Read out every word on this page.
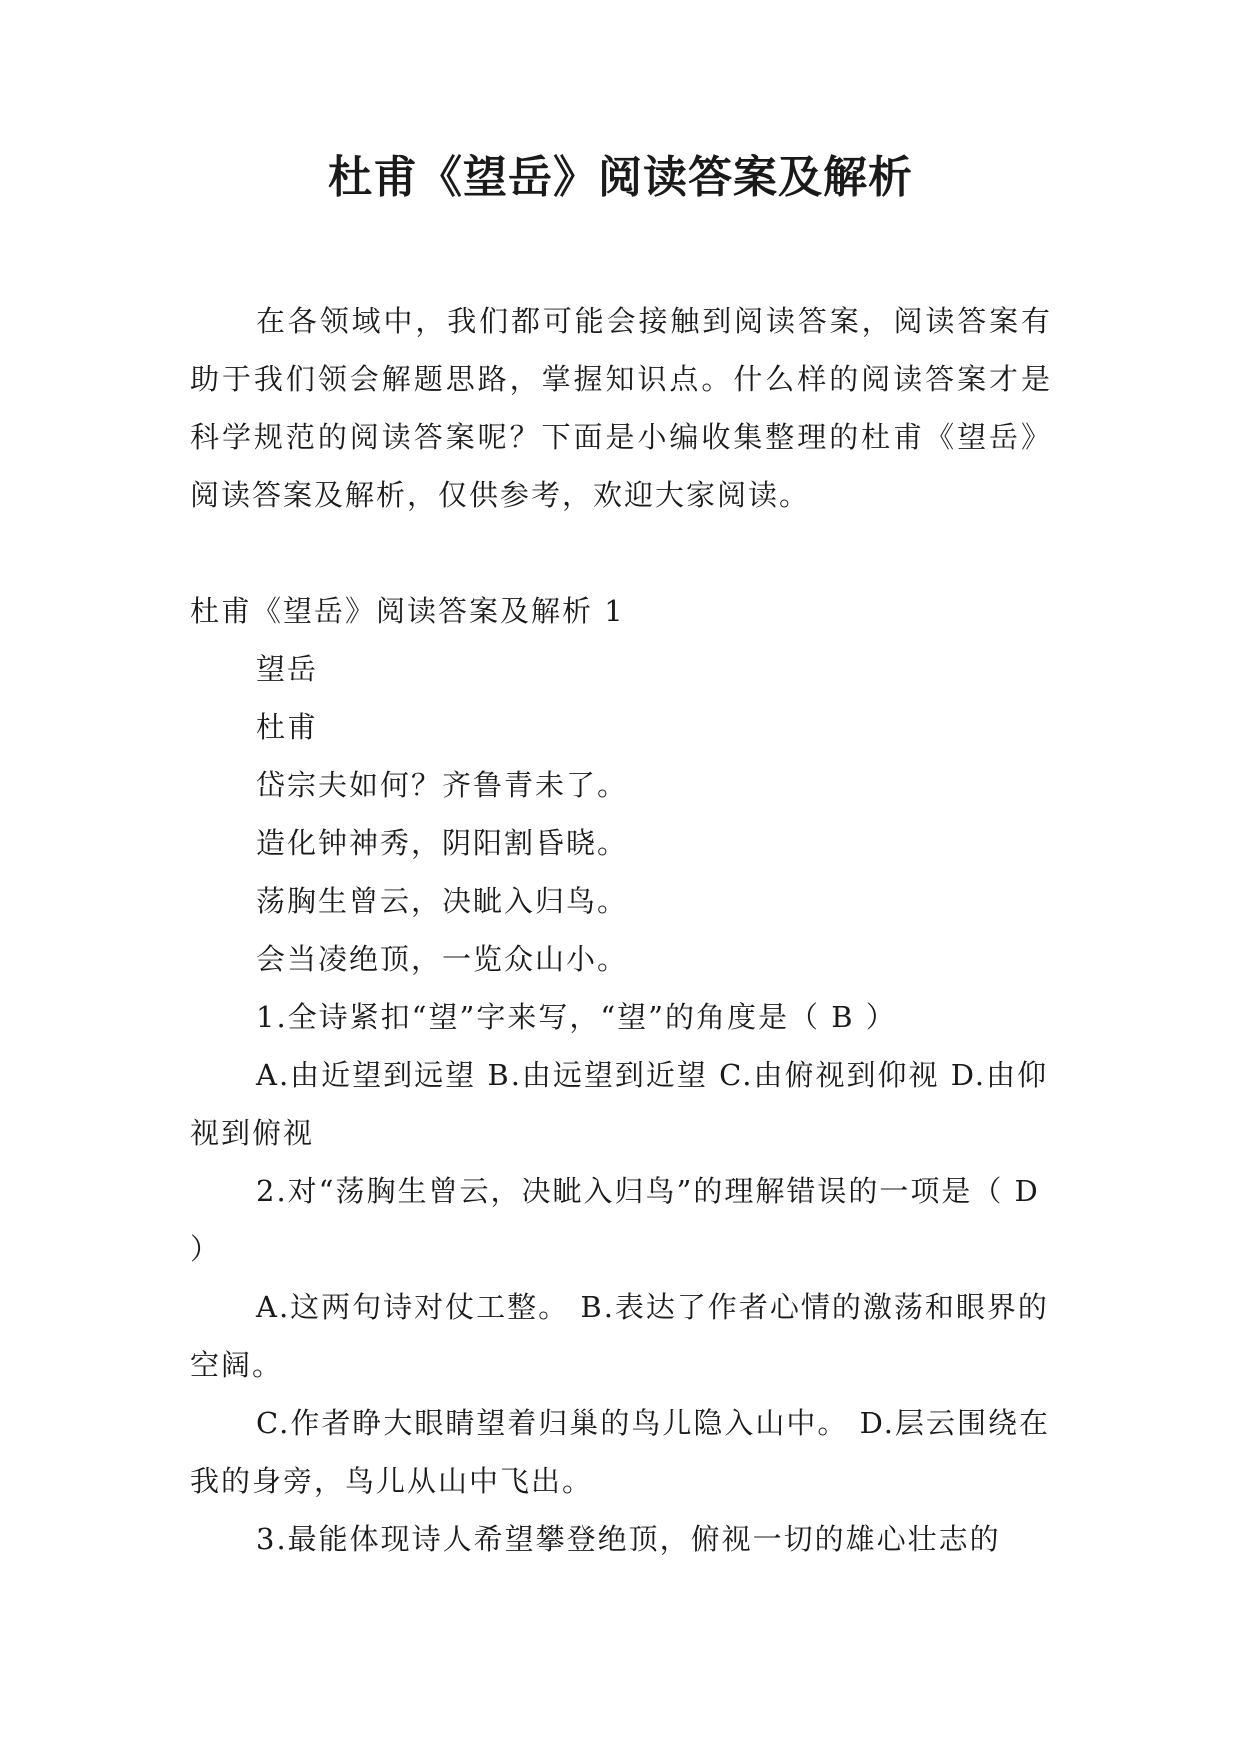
杜甫《望岳》阅读答案及解析

在各领域中，我们都可能会接触到阅读答案，阅读答案有助于我们领会解题思路，掌握知识点。什么样的阅读答案才是科学规范的阅读答案呢？下面是小编收集整理的杜甫《望岳》阅读答案及解析，仅供参考，欢迎大家阅读。

杜甫《望岳》阅读答案及解析 1

望岳

杜甫

岱宗夫如何？齐鲁青未了。

造化钟神秀，阴阳割昏晓。

荡胸生曾云，决眦入归鸟。

会当凌绝顶，一览众山小。

1.全诗紧扣“望”字来写，“望”的角度是（ B ）

A.由近望到远望 B.由远望到近望 C.由俯视到仰视 D.由仰视到俯视

2.对“荡胸生曾云，决眦入归鸟”的理解错误的一项是（ D ）

A.这两句诗对仗工整。 B.表达了作者心情的激荡和眼界的空阔。

C.作者睁大眼睛望着归巢的鸟儿隐入山中。 D.层云围绕在我的身旁，鸟儿从山中飞出。

3.最能体现诗人希望攀登绝顶，俯视一切的雄心壮志的
